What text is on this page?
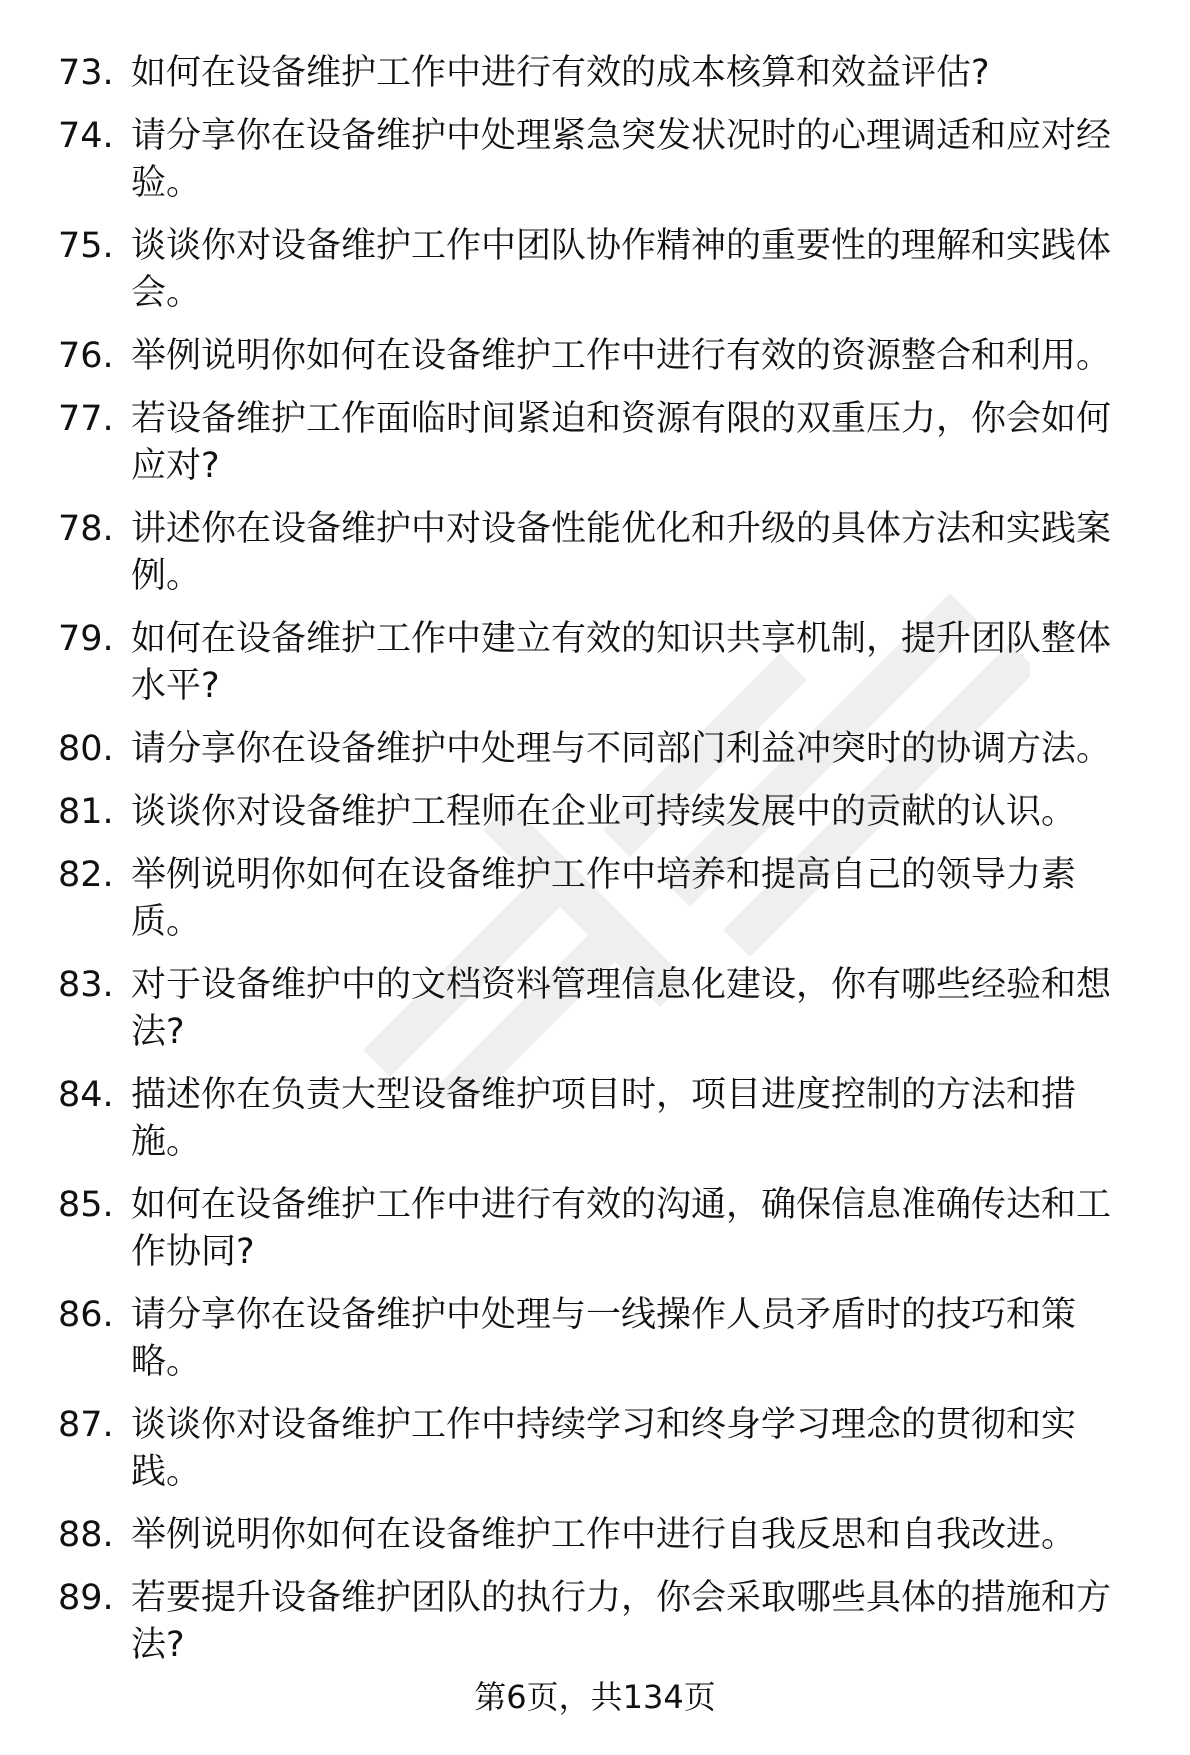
73. 如何在设备维护工作中进行有效的成本核算和效益评估?
74. 请分享你在设备维护中处理紧急突发状况时的心理调适和应对经验。
75. 谈谈你对设备维护工作中团队协作精神的重要性的理解和实践体会。
76. 举例说明你如何在设备维护工作中进行有效的资源整合和利用。
77. 若设备维护工作面临时间紧迫和资源有限的双重压力，你会如何应对?
78. 讲述你在设备维护中对设备性能优化和升级的具体方法和实践案例。
79. 如何在设备维护工作中建立有效的知识共享机制，提升团队整体水平?
80. 请分享你在设备维护中处理与不同部门利益冲突时的协调方法。
81. 谈谈你对设备维护工程师在企业可持续发展中的贡献的认识。
82. 举例说明你如何在设备维护工作中培养和提高自己的领导力素质。
83. 对于设备维护中的文档资料管理信息化建设，你有哪些经验和想法?
84. 描述你在负责大型设备维护项目时，项目进度控制的方法和措施。
85. 如何在设备维护工作中进行有效的沟通，确保信息准确传达和工作协同?
86. 请分享你在设备维护中处理与一线操作人员矛盾时的技巧和策略。
87. 谈谈你对设备维护工作中持续学习和终身学习理念的贯彻和实践。
88. 举例说明你如何在设备维护工作中进行自我反思和自我改进。
89. 若要提升设备维护团队的执行力，你会采取哪些具体的措施和方法?
第6页，共134页
